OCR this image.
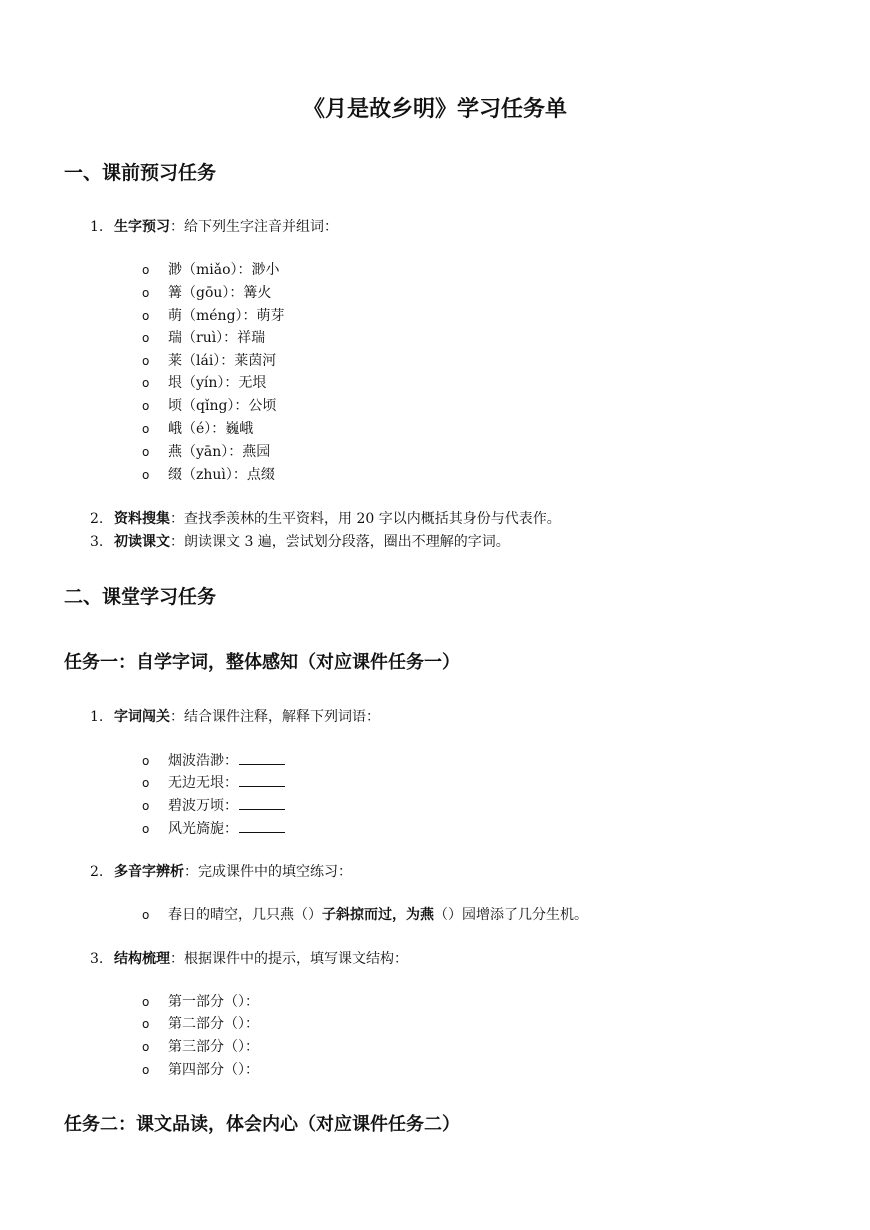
《月是故乡明》学习任务单
一、课前预习任务
1. 生字预习：给下列生字注音并组词：
o 渺（miǎo）：渺小
o 篝（gōu）：篝火
o 萌（méng）：萌芽
o 瑞（ruì）：祥瑞
o 莱（lái）：莱茵河
o 垠（yín）：无垠
o 顷（qǐng）：公顷
o 峨（é）：巍峨
o 燕（yān）：燕园
o 缀（zhuì）：点缀
2. 资料搜集：查找季羡林的生平资料，用 20 字以内概括其身份与代表作。
3. 初读课文：朗读课文 3 遍，尝试划分段落，圈出不理解的字词。
二、课堂学习任务
任务一：自学字词，整体感知（对应课件任务一）
1. 字词闯关：结合课件注释，解释下列词语：
o 烟波浩渺：
o 无边无垠：
o 碧波万顷：
o 风光旖旎：
2. 多音字辨析：完成课件中的填空练习：
o 春日的晴空，几只燕（）子斜掠而过，为燕（）园增添了几分生机。
3. 结构梳理：根据课件中的提示，填写课文结构：
o 第一部分（）：
o 第二部分（）：
o 第三部分（）：
o 第四部分（）：
任务二：课文品读，体会内心（对应课件任务二）
